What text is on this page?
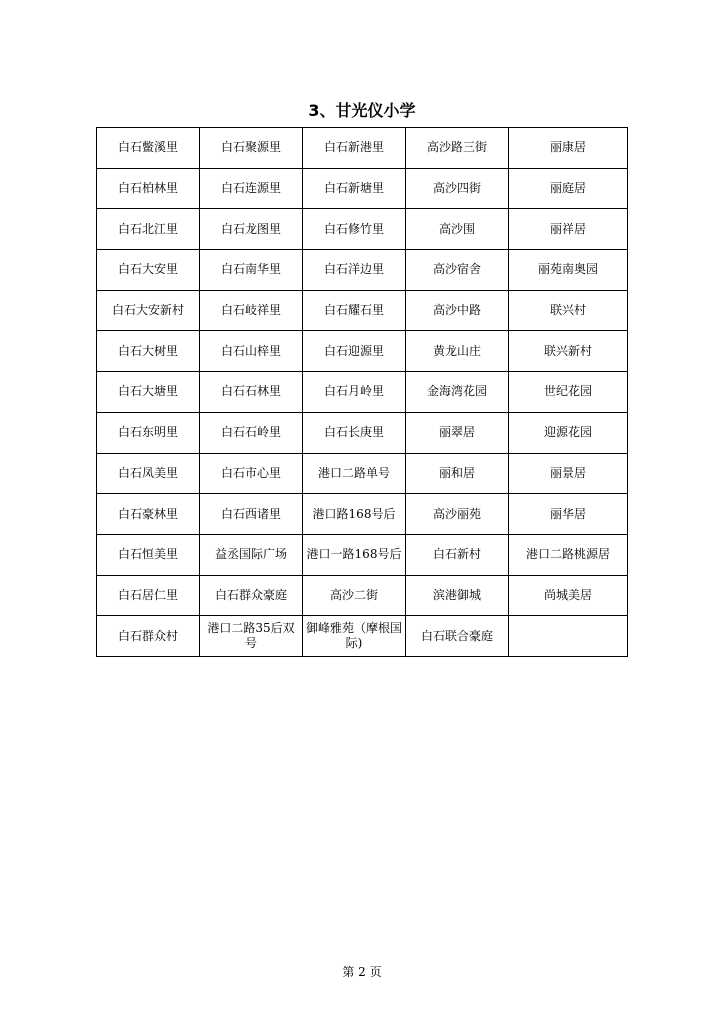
3、甘光仪小学
白石鳖溪里	白石聚源里	白石新港里	高沙路三街	丽康居
白石柏林里	白石连源里	白石新塘里	高沙四街	丽庭居
白石北江里	白石龙图里	白石修竹里	高沙围	丽祥居
白石大安里	白石南华里	白石洋边里	高沙宿舍	丽苑南奥园
白石大安新村	白石岐祥里	白石耀石里	高沙中路	联兴村
白石大树里	白石山梓里	白石迎源里	黄龙山庄	联兴新村
白石大塘里	白石石林里	白石月岭里	金海湾花园	世纪花园
白石东明里	白石石岭里	白石长庚里	丽翠居	迎源花园
白石凤美里	白石市心里	港口二路单号	丽和居	丽景居
白石豪林里	白石西诸里	港口路168号后	高沙丽苑	丽华居
白石恒美里	益丞国际广场	港口一路168号后	白石新村	港口二路桃源居
白石居仁里	白石群众豪庭	高沙二街	滨港御城	尚城美居
白石群众村	港口二路35后双号	御峰雅苑（摩根国际)	白石联合豪庭	
第 2 页
